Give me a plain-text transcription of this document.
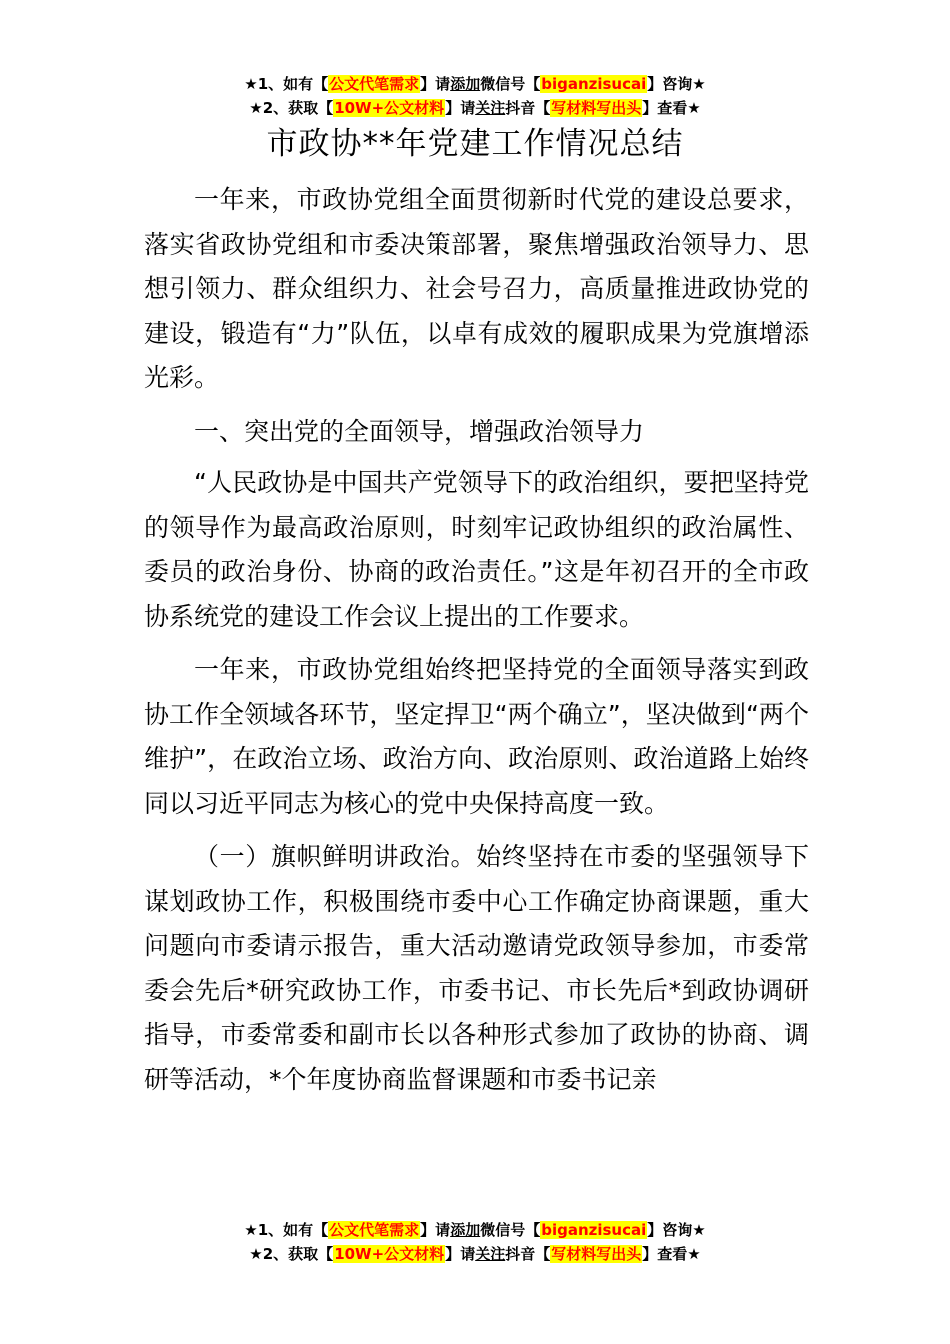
★1、如有【公文代笔需求】请添加微信号【biganzisucai】咨询★
★2、获取【10W+公文材料】请关注抖音【写材料写出头】查看★
市政协**年党建工作情况总结

一年来，市政协党组全面贯彻新时代党的建设总要求，落实省政协党组和市委决策部署，聚焦增强政治领导力、思想引领力、群众组织力、社会号召力，高质量推进政协党的建设，锻造有“力”队伍，以卓有成效的履职成果为党旗增添光彩。

一、突出党的全面领导，增强政治领导力

“人民政协是中国共产党领导下的政治组织，要把坚持党的领导作为最高政治原则，时刻牢记政协组织的政治属性、委员的政治身份、协商的政治责任。”这是年初召开的全市政协系统党的建设工作会议上提出的工作要求。

一年来，市政协党组始终把坚持党的全面领导落实到政协工作全领域各环节，坚定捍卫“两个确立”，坚决做到“两个维护”，在政治立场、政治方向、政治原则、政治道路上始终同以习近平同志为核心的党中央保持高度一致。

（一）旗帜鲜明讲政治。始终坚持在市委的坚强领导下谋划政协工作，积极围绕市委中心工作确定协商课题，重大问题向市委请示报告，重大活动邀请党政领导参加，市委常委会先后*研究政协工作，市委书记、市长先后*到政协调研指导，市委常委和副市长以各种形式参加了政协的协商、调研等活动，*个年度协商监督课题和市委书记亲

★1、如有【公文代笔需求】请添加微信号【biganzisucai】咨询★
★2、获取【10W+公文材料】请关注抖音【写材料写出头】查看★
